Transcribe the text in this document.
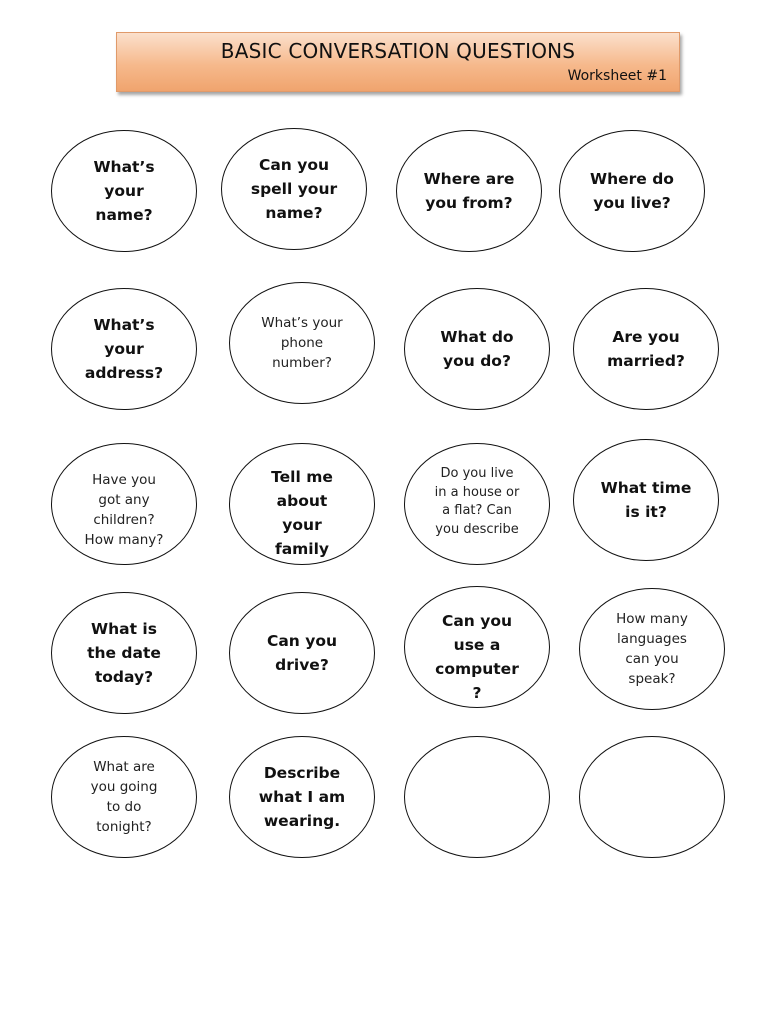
BASIC CONVERSATION QUESTIONS
Worksheet #1
What’s
your
name?
Can you
spell your
name?
Where are
you from?
Where do
you live?
What’s
your
address?
What’s your
phone
number?
What do
you do?
Are you
married?
Have you
got any
children?
How many?
Tell me
about
your
family
Do you live
in a house or
a flat? Can
you describe
What time
is it?
What is
the date
today?
Can you
drive?
Can you
use a
computer
?
How many
languages
can you
speak?
What are
you going
to do
tonight?
Describe
what I am
wearing.
